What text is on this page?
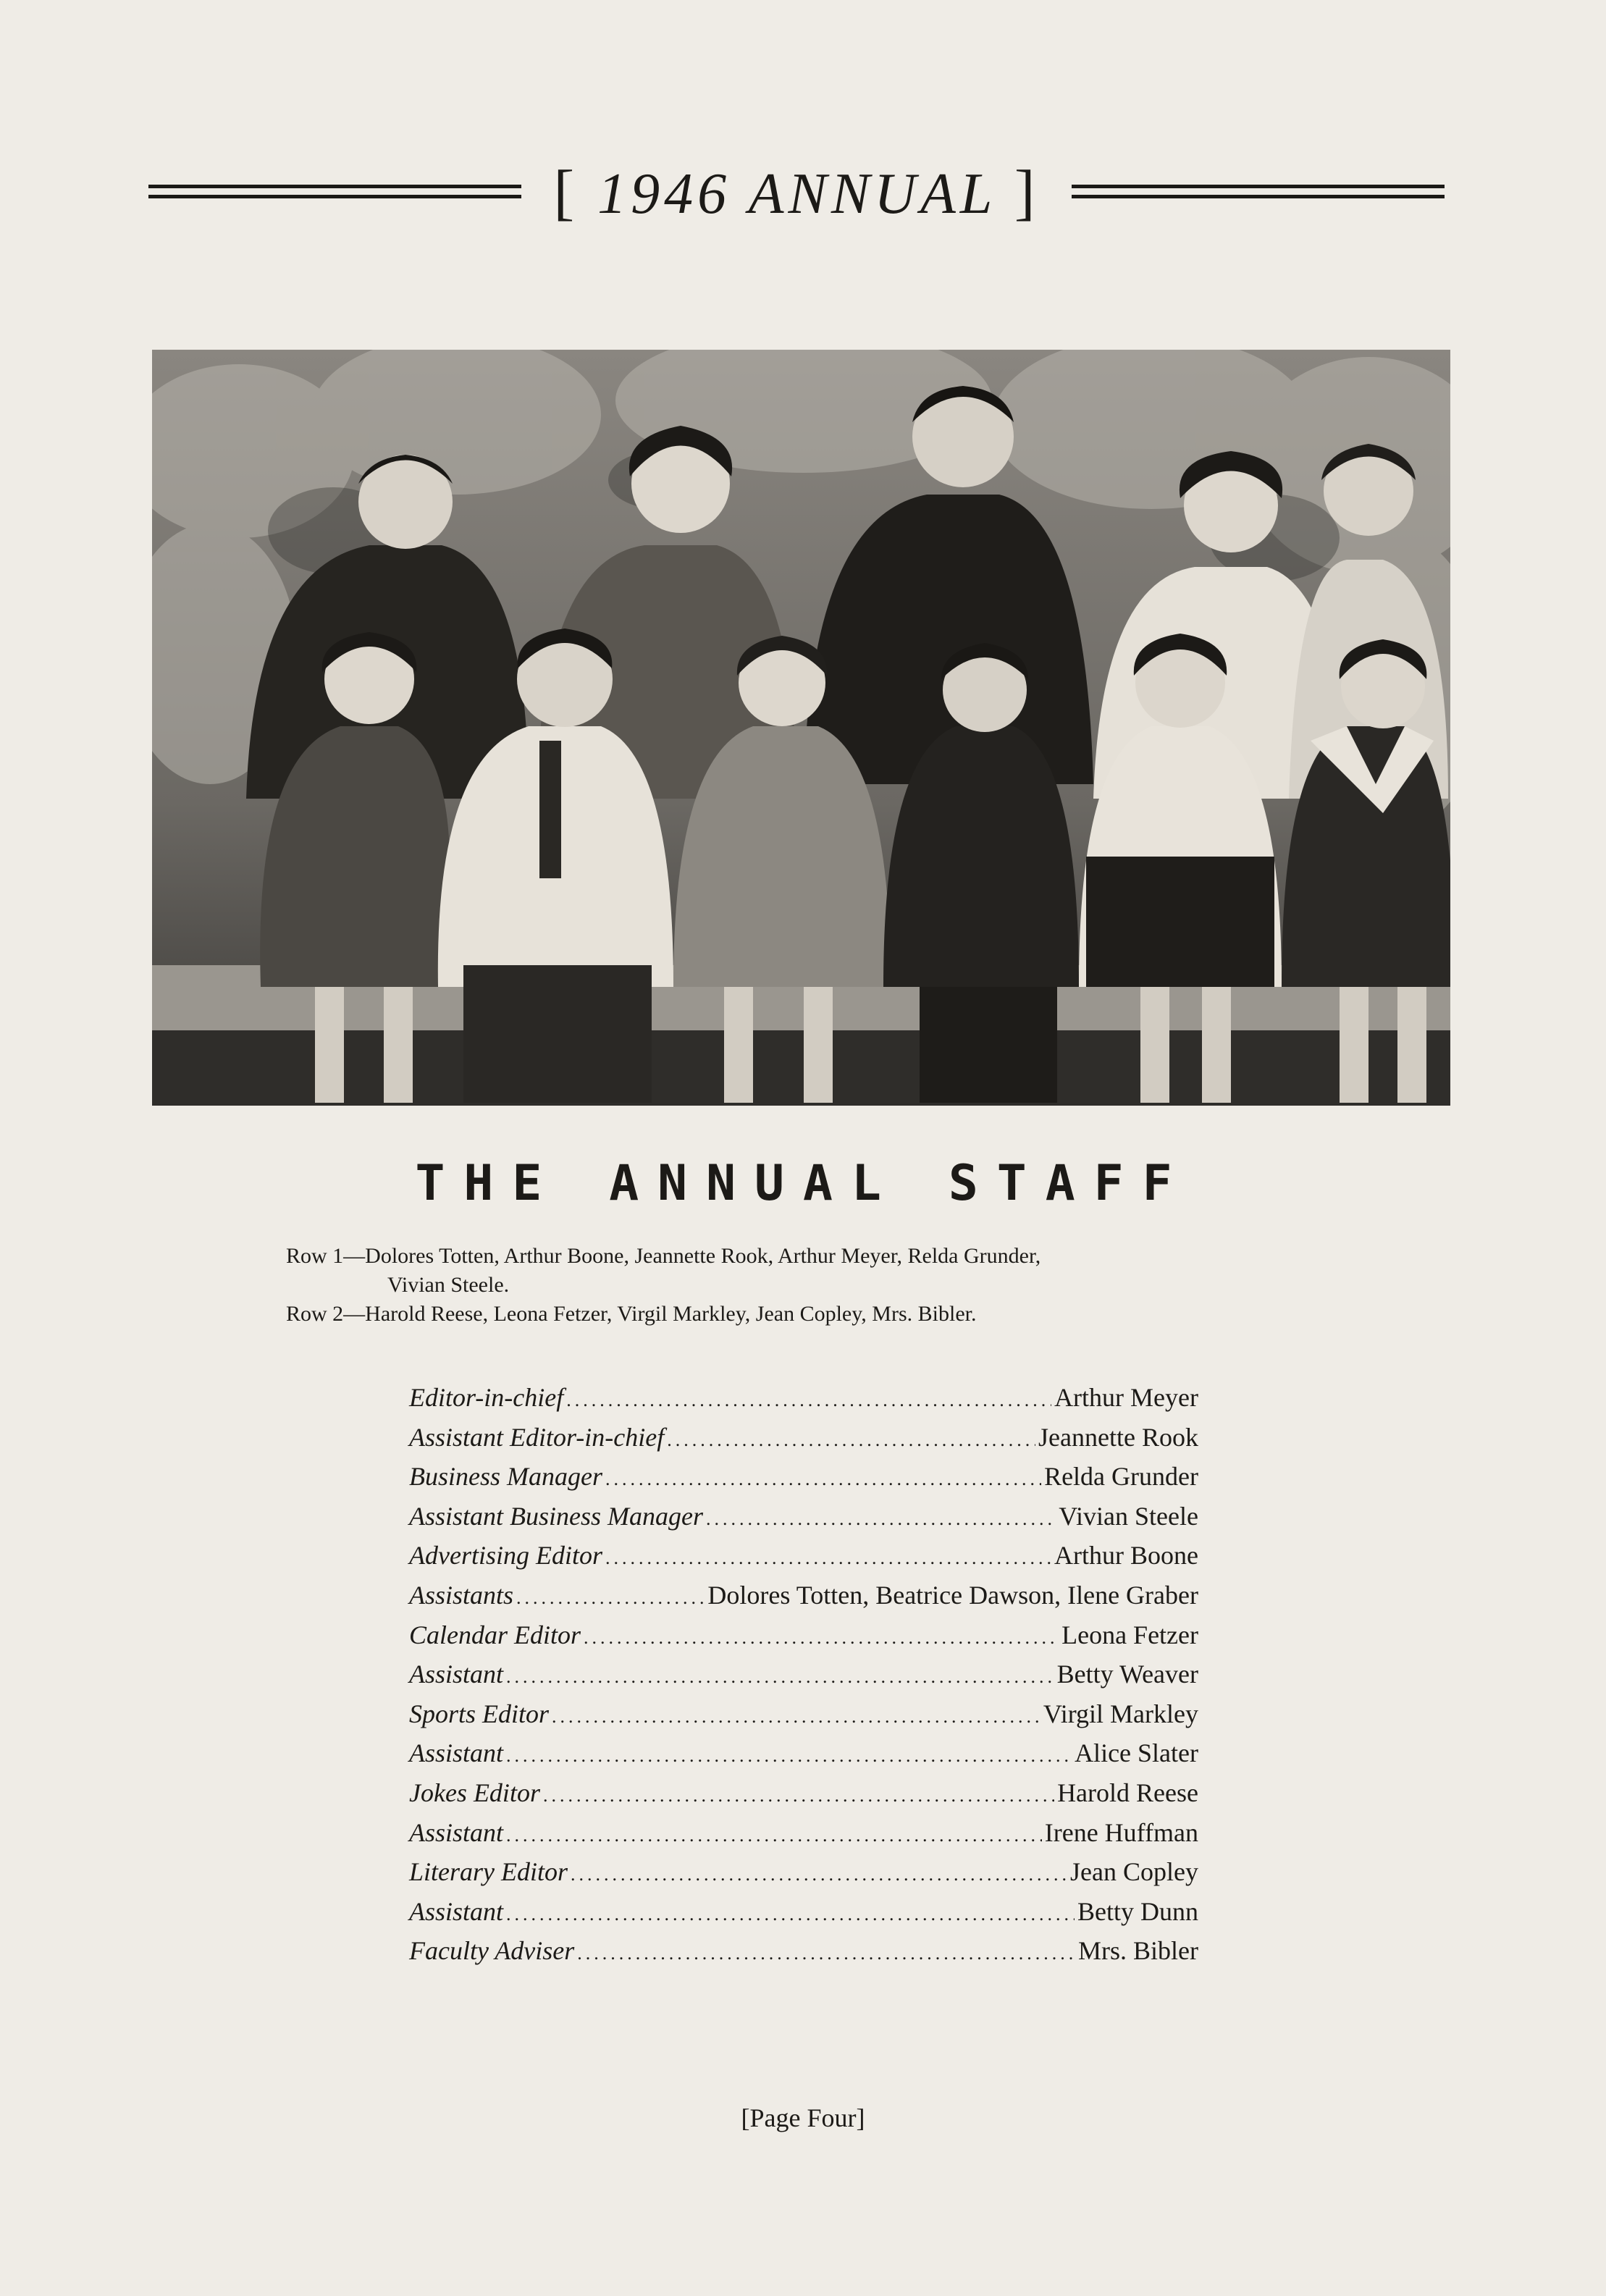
[ 1946 ANNUAL ]
THE ANNUAL STAFF

Row 1—Dolores Totten, Arthur Boone, Jeannette Rook, Arthur Meyer, Relda Grunder,

Vivian Steele.

Row 2—Harold Reese, Leona Fetzer, Virgil Markley, Jean Copley, Mrs. Bibler.

Editor-in-chief .....	Arthur Meyer
Assistant Editor-in-chief .....	Jeannette Rook
Business Manager .....	Relda Grunder
Assistant Business Manager .....	Vivian Steele
Advertising Editor .....	Arthur Boone
Assistants .....	Dolores Totten, Beatrice Dawson, Ilene Graber
Calendar Editor .....	Leona Fetzer
Assistant .....	Betty Weaver
Sports Editor .....	Virgil Markley
Assistant .....	Alice Slater
Jokes Editor .....	Harold Reese
Assistant .....	Irene Huffman
Literary Editor .....	Jean Copley
Assistant .....	Betty Dunn
Faculty Adviser .....	Mrs. Bibler
[Page Four]
